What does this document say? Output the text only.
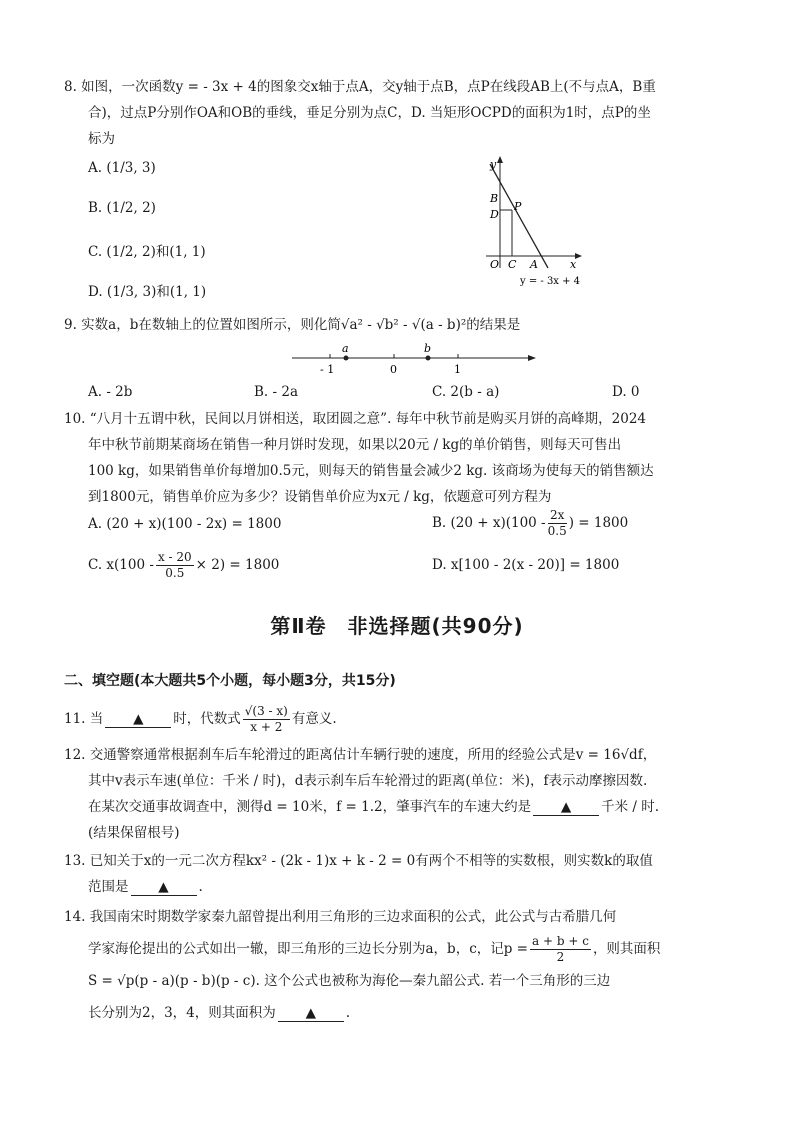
8. 如图，一次函数y = - 3x + 4的图象交x轴于点A，交y轴于点B，点P在线段AB上(不与点A，B重
合)，过点P分别作OA和OB的垂线，垂足分别为点C，D. 当矩形OCPD的面积为1时，点P的坐
标为
A. (1/3, 3)
B. (1/2, 2)
C. (1/2, 2)和(1, 1)
D. (1/3, 3)和(1, 1)
y
B
D
P
O C A	x
y = - 3x + 4
9. 实数a，b在数轴上的位置如图所示，则化简√a² - √b² - √(a - b)²的结果是
a	b
- 1	0	1
A. - 2b	B. - 2a	C. 2(b - a)	D. 0
10. “八月十五谓中秋，民间以月饼相送，取团圆之意”. 每年中秋节前是购买月饼的高峰期，2024
年中秋节前期某商场在销售一种月饼时发现，如果以20元 / kg的单价销售，则每天可售出
100 kg，如果销售单价每增加0.5元，则每天的销售量会减少2 kg. 该商场为使每天的销售额达
到1800元，销售单价应为多少？设销售单价应为x元 / kg，依题意可列方程为
A. (20 + x)(100 - 2x) = 1800	B. $(20 + x)(100 - \frac{2x}{0.5}$ ) = 1800
C. $x(100 - \frac{x - 20}{0.5} \times 2) = 1800$	D. x[100 - 2(x - 20)] = 1800
第Ⅱ卷　非选择题(共90分)
二、填空题(本大题共5个小题，每小题3分，共15分)
11. 当 ▲ 时，代数式 $\frac{√(3 - x)}{x + 2}$ 有意义.
12. 交通警察通常根据刹车后车轮滑过的距离估计车辆行驶的速度，所用的经验公式是v = 16√df，
其中v表示车速(单位：千米 / 时)，d表示刹车后车轮滑过的距离(单位：米)，f表示动摩擦因数.
在某次交通事故调查中，测得d = 10米，f = 1.2，肇事汽车的车速大约是 ▲ 千米 / 时.
(结果保留根号)
13. 已知关于x的一元二次方程kx² - (2k - 1)x + k - 2 = 0有两个不相等的实数根，则实数k的取值
范围是 ▲ .
14. 我国南宋时期数学家秦九韶曾提出利用三角形的三边求面积的公式，此公式与古希腊几何
学家海伦提出的公式如出一辙，即三角形的三边长分别为a，b，c，记$p = \frac{a + b + c}{2}$ ，则其面积
S = √p(p - a)(p - b)(p - c). 这个公式也被称为海伦—秦九韶公式. 若一个三角形的三边
长分别为2，3，4，则其面积为 ▲ .
